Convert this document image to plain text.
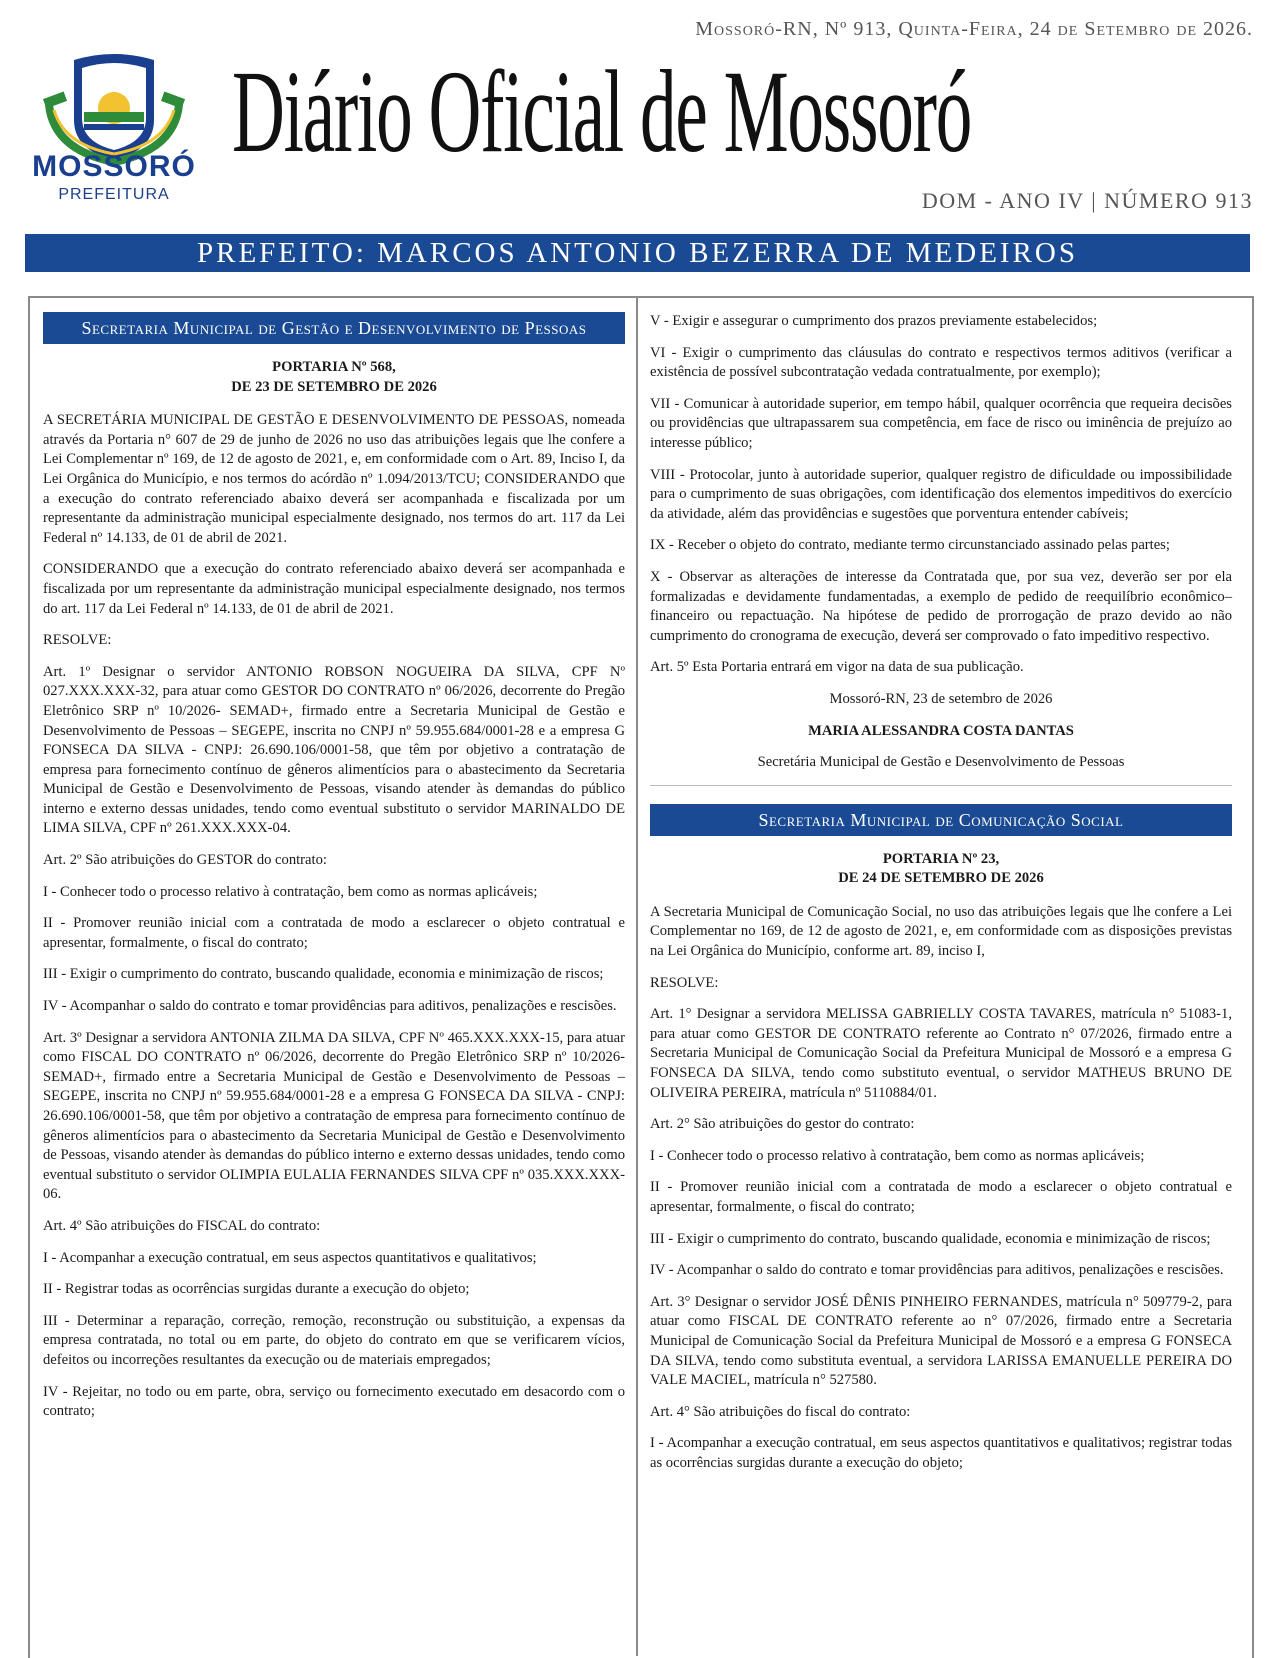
Mossoró-RN, Nº 913, Quinta-Feira, 24 de Setembro de 2026.
MOSSORÓ
PREFEITURA
Diário Oficial de Mossoró
DOM - ANO IV | NÚMERO 913
PREFEITO: MARCOS ANTONIO BEZERRA DE MEDEIROS
Secretaria Municipal de Gestão e Desenvolvimento de Pessoas
PORTARIA Nº 568,
DE 23 DE SETEMBRO DE 2026

A SECRETÁRIA MUNICIPAL DE GESTÃO E DESENVOLVIMENTO DE PESSOAS, nomeada através da Portaria n° 607 de 29 de junho de 2026 no uso das atribuições legais que lhe confere a Lei Complementar nº 169, de 12 de agosto de 2021, e, em conformidade com o Art. 89, Inciso I, da Lei Orgânica do Município, e nos termos do acórdão nº 1.094/2013/TCU; CONSIDERANDO que a execução do contrato referenciado abaixo deverá ser acompanhada e fiscalizada por um representante da administração municipal especialmente designado, nos termos do art. 117 da Lei Federal nº 14.133, de 01 de abril de 2021.

CONSIDERANDO que a execução do contrato referenciado abaixo deverá ser acompanhada e fiscalizada por um representante da administração municipal especialmente designado, nos termos do art. 117 da Lei Federal nº 14.133, de 01 de abril de 2021.

RESOLVE:

Art. 1º Designar o servidor ANTONIO ROBSON NOGUEIRA DA SILVA, CPF Nº 027.XXX.XXX-32, para atuar como GESTOR DO CONTRATO nº 06/2026, decorrente do Pregão Eletrônico SRP nº 10/2026- SEMAD+, firmado entre a Secretaria Municipal de Gestão e Desenvolvimento de Pessoas – SEGEPE, inscrita no CNPJ nº 59.955.684/0001-28 e a empresa G FONSECA DA SILVA - CNPJ: 26.690.106/0001-58, que têm por objetivo a contratação de empresa para fornecimento contínuo de gêneros alimentícios para o abastecimento da Secretaria Municipal de Gestão e Desenvolvimento de Pessoas, visando atender às demandas do público interno e externo dessas unidades, tendo como eventual substituto o servidor MARINALDO DE LIMA SILVA, CPF nº 261.XXX.XXX-04.

Art. 2º São atribuições do GESTOR do contrato:

I - Conhecer todo o processo relativo à contratação, bem como as normas aplicáveis;

II - Promover reunião inicial com a contratada de modo a esclarecer o objeto contratual e apresentar, formalmente, o fiscal do contrato;

III - Exigir o cumprimento do contrato, buscando qualidade, economia e minimização de riscos;

IV - Acompanhar o saldo do contrato e tomar providências para aditivos, penalizações e rescisões.

Art. 3º Designar a servidora ANTONIA ZILMA DA SILVA, CPF Nº 465.XXX.XXX-15, para atuar como FISCAL DO CONTRATO nº 06/2026, decorrente do Pregão Eletrônico SRP nº 10/2026- SEMAD+, firmado entre a Secretaria Municipal de Gestão e Desenvolvimento de Pessoas – SEGEPE, inscrita no CNPJ nº 59.955.684/0001-28 e a empresa G FONSECA DA SILVA - CNPJ: 26.690.106/0001-58, que têm por objetivo a contratação de empresa para fornecimento contínuo de gêneros alimentícios para o abastecimento da Secretaria Municipal de Gestão e Desenvolvimento de Pessoas, visando atender às demandas do público interno e externo dessas unidades, tendo como eventual substituto o servidor OLIMPIA EULALIA FERNANDES SILVA CPF nº 035.XXX.XXX-06.

Art. 4º São atribuições do FISCAL do contrato:

I - Acompanhar a execução contratual, em seus aspectos quantitativos e qualitativos;

II - Registrar todas as ocorrências surgidas durante a execução do objeto;

III - Determinar a reparação, correção, remoção, reconstrução ou substituição, a expensas da empresa contratada, no total ou em parte, do objeto do contrato em que se verificarem vícios, defeitos ou incorreções resultantes da execução ou de materiais empregados;

IV - Rejeitar, no todo ou em parte, obra, serviço ou fornecimento executado em desacordo com o contrato;

V - Exigir e assegurar o cumprimento dos prazos previamente estabelecidos;

VI - Exigir o cumprimento das cláusulas do contrato e respectivos termos aditivos (verificar a existência de possível subcontratação vedada contratualmente, por exemplo);

VII - Comunicar à autoridade superior, em tempo hábil, qualquer ocorrência que requeira decisões ou providências que ultrapassarem sua competência, em face de risco ou iminência de prejuízo ao interesse público;

VIII - Protocolar, junto à autoridade superior, qualquer registro de dificuldade ou impossibilidade para o cumprimento de suas obrigações, com identificação dos elementos impeditivos do exercício da atividade, além das providências e sugestões que porventura entender cabíveis;

IX - Receber o objeto do contrato, mediante termo circunstanciado assinado pelas partes;

X - Observar as alterações de interesse da Contratada que, por sua vez, deverão ser por ela formalizadas e devidamente fundamentadas, a exemplo de pedido de reequilíbrio econômico–financeiro ou repactuação. Na hipótese de pedido de prorrogação de prazo devido ao não cumprimento do cronograma de execução, deverá ser comprovado o fato impeditivo respectivo.

Art. 5º Esta Portaria entrará em vigor na data de sua publicação.

Mossoró-RN, 23 de setembro de 2026

MARIA ALESSANDRA COSTA DANTAS

Secretária Municipal de Gestão e Desenvolvimento de Pessoas

Secretaria Municipal de Comunicação Social
PORTARIA Nº 23,
DE 24 DE SETEMBRO DE 2026

A Secretaria Municipal de Comunicação Social, no uso das atribuições legais que lhe confere a Lei Complementar no 169, de 12 de agosto de 2021, e, em conformidade com as disposições previstas na Lei Orgânica do Município, conforme art. 89, inciso I,

RESOLVE:

Art. 1° Designar a servidora MELISSA GABRIELLY COSTA TAVARES, matrícula n° 51083-1, para atuar como GESTOR DE CONTRATO referente ao Contrato n° 07/2026, firmado entre a Secretaria Municipal de Comunicação Social da Prefeitura Municipal de Mossoró e a empresa G FONSECA DA SILVA, tendo como substituto eventual, o servidor MATHEUS BRUNO DE OLIVEIRA PEREIRA, matrícula nº 5110884/01.

Art. 2° São atribuições do gestor do contrato:

I - Conhecer todo o processo relativo à contratação, bem como as normas aplicáveis;

II - Promover reunião inicial com a contratada de modo a esclarecer o objeto contratual e apresentar, formalmente, o fiscal do contrato;

III - Exigir o cumprimento do contrato, buscando qualidade, economia e minimização de riscos;

IV - Acompanhar o saldo do contrato e tomar providências para aditivos, penalizações e rescisões.

Art. 3° Designar o servidor JOSÉ DÊNIS PINHEIRO FERNANDES, matrícula n° 509779-2, para atuar como FISCAL DE CONTRATO referente ao n° 07/2026, firmado entre a Secretaria Municipal de Comunicação Social da Prefeitura Municipal de Mossoró e a empresa G FONSECA DA SILVA, tendo como substituta eventual, a servidora LARISSA EMANUELLE PEREIRA DO VALE MACIEL, matrícula n° 527580.

Art. 4° São atribuições do fiscal do contrato:

I - Acompanhar a execução contratual, em seus aspectos quantitativos e qualitativos; registrar todas as ocorrências surgidas durante a execução do objeto;
